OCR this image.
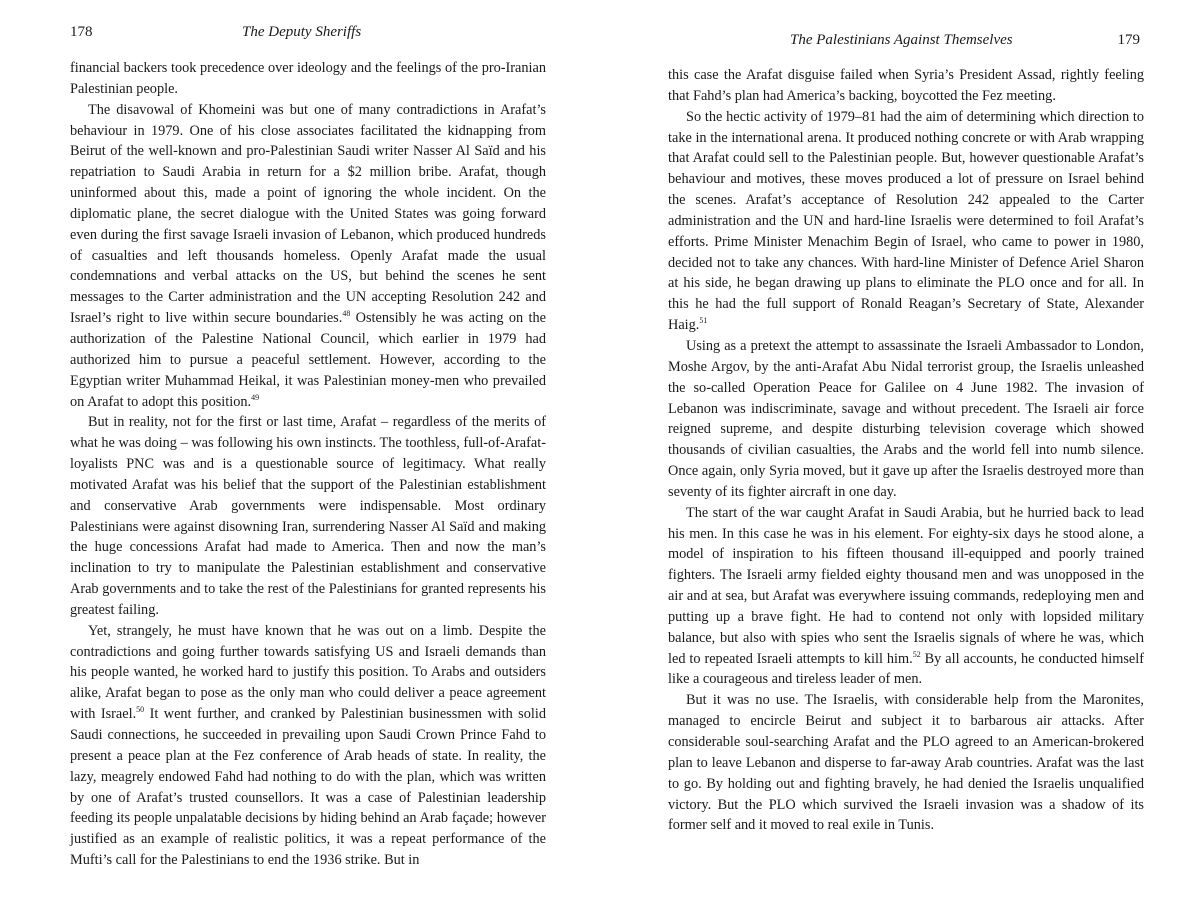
178	The Deputy Sheriffs

financial backers took precedence over ideology and the feelings of the pro-Iranian Palestinian people.

The disavowal of Khomeini was but one of many contradictions in Arafat’s behaviour in 1979. One of his close associates facilitated the kidnapping from Beirut of the well-known and pro-Palestinian Saudi writer Nasser Al Saïd and his repatriation to Saudi Arabia in return for a $2 million bribe. Arafat, though uninformed about this, made a point of ignoring the whole incident. On the diplomatic plane, the secret dialogue with the United States was going forward even during the first savage Israeli invasion of Lebanon, which produced hundreds of casualties and left thousands homeless. Openly Arafat made the usual condemnations and verbal attacks on the US, but behind the scenes he sent messages to the Carter administration and the UN accepting Resolution 242 and Israel’s right to live within secure boundaries.$^{48}$ Ostensibly he was acting on the authorization of the Palestine National Council, which earlier in 1979 had authorized him to pursue a peaceful settlement. However, according to the Egyptian writer Muhammad Heikal, it was Palestinian money-men who prevailed on Arafat to adopt this position.$^{49}$

But in reality, not for the first or last time, Arafat – regardless of the merits of what he was doing – was following his own instincts. The toothless, full-of-Arafat-loyalists PNC was and is a questionable source of legitimacy. What really motivated Arafat was his belief that the support of the Palestinian establishment and conservative Arab governments were indispensable. Most ordinary Palestinians were against disowning Iran, surrendering Nasser Al Saïd and making the huge concessions Arafat had made to America. Then and now the man’s inclination to try to manipulate the Palestinian establishment and conservative Arab governments and to take the rest of the Palestinians for granted represents his greatest failing.

Yet, strangely, he must have known that he was out on a limb. Despite the contradictions and going further towards satisfying US and Israeli demands than his people wanted, he worked hard to justify this position. To Arabs and outsiders alike, Arafat began to pose as the only man who could deliver a peace agreement with Israel.$^{50}$ It went further, and cranked by Palestinian businessmen with solid Saudi connections, he succeeded in prevailing upon Saudi Crown Prince Fahd to present a peace plan at the Fez conference of Arab heads of state. In reality, the lazy, meagrely endowed Fahd had nothing to do with the plan, which was written by one of Arafat’s trusted counsellors. It was a case of Palestinian leadership feeding its people unpalatable decisions by hiding behind an Arab façade; however justified as an example of realistic politics, it was a repeat performance of the Mufti’s call for the Palestinians to end the 1936 strike. But in

The Palestinians Against Themselves	179

this case the Arafat disguise failed when Syria’s President Assad, rightly feeling that Fahd’s plan had America’s backing, boycotted the Fez meeting.

So the hectic activity of 1979–81 had the aim of determining which direction to take in the international arena. It produced nothing concrete or with Arab wrapping that Arafat could sell to the Palestinian people. But, however questionable Arafat’s behaviour and motives, these moves produced a lot of pressure on Israel behind the scenes. Arafat’s acceptance of Resolution 242 appealed to the Carter administration and the UN and hard-line Israelis were determined to foil Arafat’s efforts. Prime Minister Menachim Begin of Israel, who came to power in 1980, decided not to take any chances. With hard-line Minister of Defence Ariel Sharon at his side, he began drawing up plans to eliminate the PLO once and for all. In this he had the full support of Ronald Reagan’s Secretary of State, Alexander Haig.$^{51}$

Using as a pretext the attempt to assassinate the Israeli Ambassador to London, Moshe Argov, by the anti-Arafat Abu Nidal terrorist group, the Israelis unleashed the so-called Operation Peace for Galilee on 4 June 1982. The invasion of Lebanon was indiscriminate, savage and without precedent. The Israeli air force reigned supreme, and despite disturbing television coverage which showed thousands of civilian casualties, the Arabs and the world fell into numb silence. Once again, only Syria moved, but it gave up after the Israelis destroyed more than seventy of its fighter aircraft in one day.

The start of the war caught Arafat in Saudi Arabia, but he hurried back to lead his men. In this case he was in his element. For eighty-six days he stood alone, a model of inspiration to his fifteen thousand ill-equipped and poorly trained fighters. The Israeli army fielded eighty thousand men and was unopposed in the air and at sea, but Arafat was everywhere issuing commands, redeploying men and putting up a brave fight. He had to contend not only with lopsided military balance, but also with spies who sent the Israelis signals of where he was, which led to repeated Israeli attempts to kill him.$^{52}$ By all accounts, he conducted himself like a courageous and tireless leader of men.

But it was no use. The Israelis, with considerable help from the Maronites, managed to encircle Beirut and subject it to barbarous air attacks. After considerable soul-searching Arafat and the PLO agreed to an American-brokered plan to leave Lebanon and disperse to far-away Arab countries. Arafat was the last to go. By holding out and fighting bravely, he had denied the Israelis unqualified victory. But the PLO which survived the Israeli invasion was a shadow of its former self and it moved to real exile in Tunis.
